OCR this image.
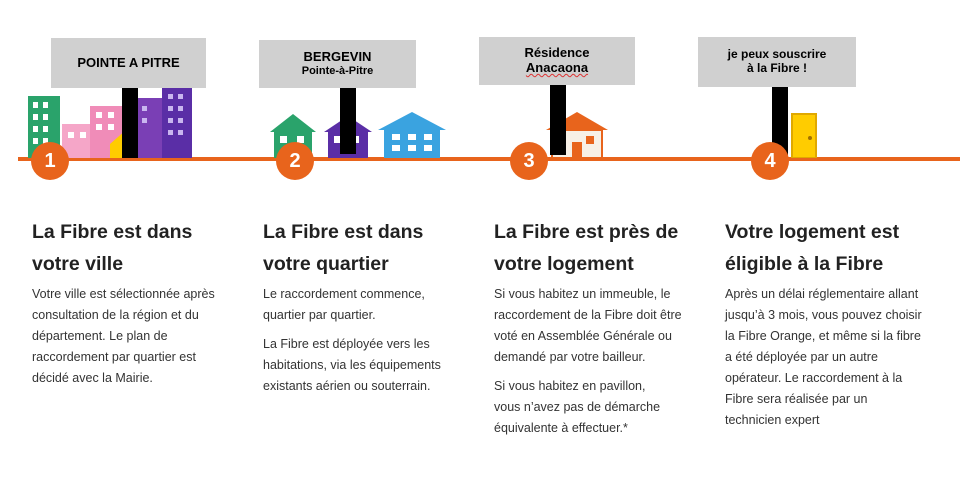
POINTE A PITRE	BERGEVIN
Pointe-à-Pitre
Résidence
Anacaona
je peux souscrire
à la Fibre !
1	2	3	4
La Fibre est dans
votre ville

Votre ville est sélectionnée après consultation de la région et du département. Le plan de raccordement par quartier est décidé avec la Mairie.

La Fibre est dans
votre quartier

Le raccordement commence, quartier par quartier.

La Fibre est déployée vers les habitations, via les équipements existants aérien ou souterrain.

La Fibre est près de
votre logement

Si vous habitez un immeuble, le raccordement de la Fibre doit être voté en Assemblée Générale ou demandé par votre bailleur.

Si vous habitez en pavillon, vous n’avez pas de démarche équivalente à effectuer.*

Votre logement est
éligible à la Fibre

Après un délai réglementaire allant jusqu’à 3 mois, vous pouvez choisir la Fibre Orange, et même si la fibre a été déployée par un autre opérateur. Le raccordement à la Fibre sera réalisée par un technicien expert
